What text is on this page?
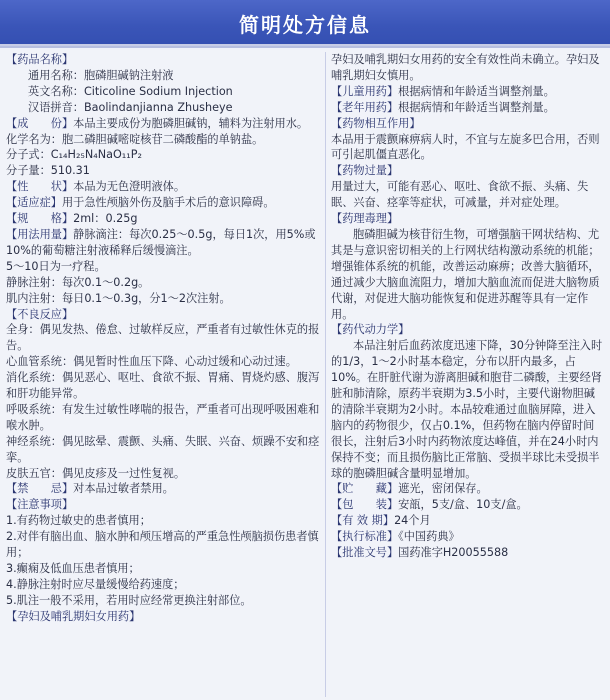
简明处方信息
【药品名称】
通用名称：胞磷胆碱钠注射液
英文名称：Citicoline Sodium Injection
汉语拼音：Baolindanjianna Zhusheye
【成　　份】本品主要成份为胞磷胆碱钠，辅料为注射用水。
化学名为：胞二磷胆碱嘧啶核苷二磷酸酯的单钠盐。
分子式：C₁₄H₂₅N₄NaO₁₁P₂
分子量：510.31
【性　　状】本品为无色澄明液体。
【适应症】用于急性颅脑外伤及脑手术后的意识障碍。
【规　　格】2ml：0.25g
【用法用量】静脉滴注：每次0.25～0.5g，每日1次，用5%或10%的葡萄糖注射液稀释后缓慢滴注。
5～10日为一疗程。
静脉注射：每次0.1～0.2g。
肌内注射：每日0.1～0.3g，分1～2次注射。
【不良反应】
全身：偶见发热、倦怠、过敏样反应，严重者有过敏性休克的报告。
心血管系统：偶见暂时性血压下降、心动过缓和心动过速。
消化系统：偶见恶心、呕吐、食欲不振、胃痛、胃烧灼感、腹泻和肝功能异常。
呼吸系统：有发生过敏性哮喘的报告，严重者可出现呼吸困难和喉水肿。
神经系统：偶见眩晕、震颤、头痛、失眠、兴奋、烦躁不安和痉挛。
皮肤五官：偶见皮疹及一过性复视。
【禁　　忌】对本品过敏者禁用。
【注意事项】
1.有药物过敏史的患者慎用；
2.对伴有脑出血、脑水肿和颅压增高的严重急性颅脑损伤患者慎用；
3.癫痫及低血压患者慎用；
4.静脉注射时应尽量缓慢给药速度；
5.肌注一般不采用，若用时应经常更换注射部位。
【孕妇及哺乳期妇女用药】
孕妇及哺乳期妇女用药的安全有效性尚未确立。孕妇及哺乳期妇女慎用。
【儿童用药】根据病情和年龄适当调整剂量。
【老年用药】根据病情和年龄适当调整剂量。
【药物相互作用】
本品用于震颤麻痹病人时，不宜与左旋多巴合用，否则可引起肌僵直恶化。
【药物过量】
用量过大，可能有恶心、呕吐、食欲不振、头痛、失眠、兴奋、痉挛等症状，可减量，并对症处理。
【药理毒理】
胞磷胆碱为核苷衍生物，可增强脑干网状结构、尤其是与意识密切相关的上行网状结构激动系统的机能；增强锥体系统的机能，改善运动麻痹；改善大脑循环，通过减少大脑血流阻力，增加大脑血流而促进大脑物质代谢，对促进大脑功能恢复和促进苏醒等具有一定作用。
【药代动力学】
本品注射后血药浓度迅速下降，30分钟降至注入时的1/3，1～2小时基本稳定，分布以肝内最多，占10%。在肝脏代谢为游离胆碱和胞苷二磷酸，主要经肾脏和肺清除，原药半衰期为3.5小时，主要代谢物胆碱的清除半衰期为2小时。本品较难通过血脑屏障，进入脑内的药物很少，仅占0.1%，但药物在脑内停留时间很长，注射后3小时内药物浓度达峰值，并在24小时内保持不变；而且损伤脑比正常脑、受损半球比未受损半球的胞磷胆碱含量明显增加。
【贮　　藏】遮光，密闭保存。
【包　　装】安瓿，5支/盒、10支/盒。
【有 效 期】24个月
【执行标准】《中国药典》
【批准文号】国药准字H20055588
